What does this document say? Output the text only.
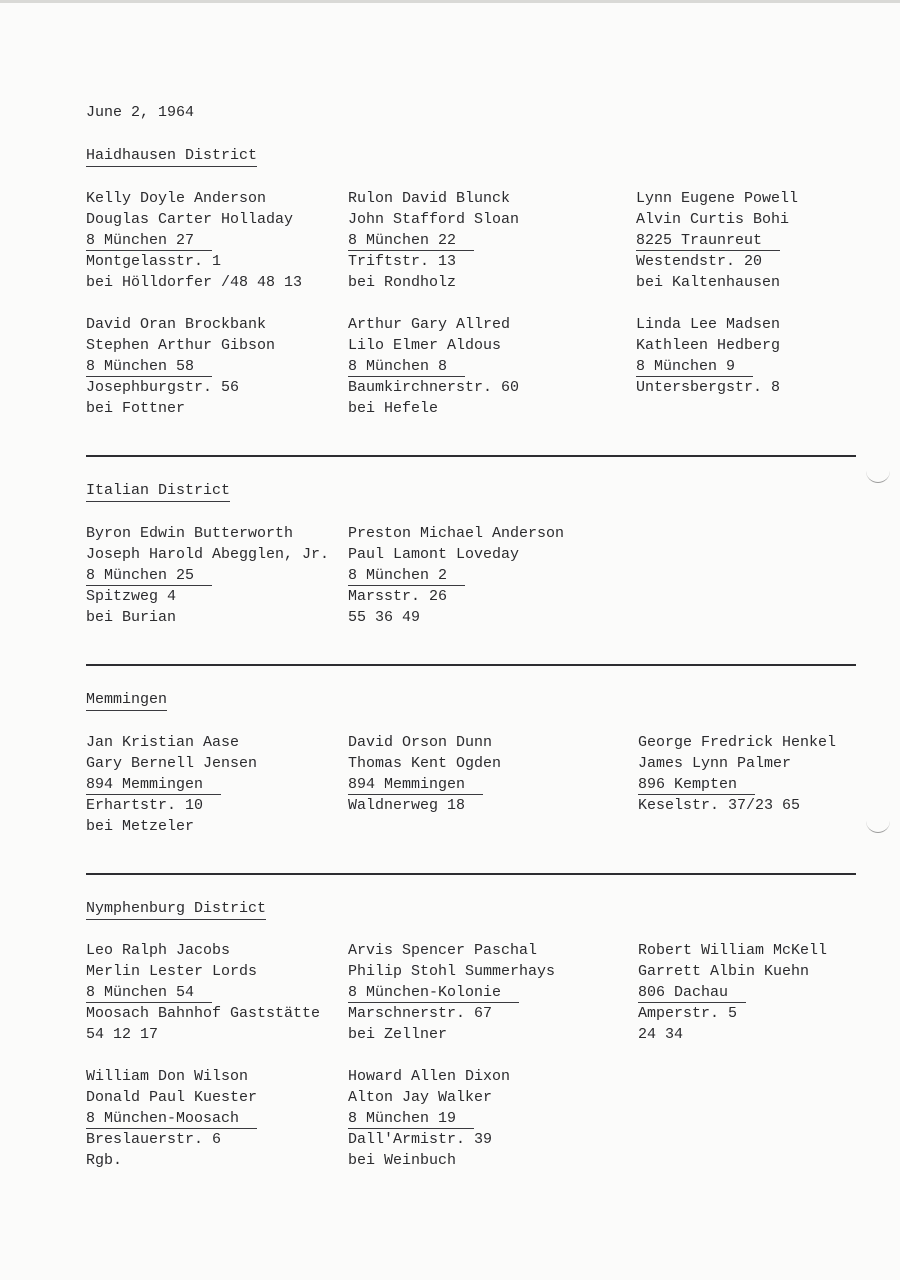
June 2, 1964
Haidhausen District
Kelly Doyle Anderson
Douglas Carter Holladay
8 München 27
Montgelasstr. 1
bei Hölldorfer /48 48 13
Rulon David Blunck
John Stafford Sloan
8 München 22
Triftstr. 13
bei Rondholz
Lynn Eugene Powell
Alvin Curtis Bohi
8225 Traunreut
Westendstr. 20
bei Kaltenhausen
David Oran Brockbank
Stephen Arthur Gibson
8 München 58
Josephburgstr. 56
bei Fottner
Arthur Gary Allred
Lilo Elmer Aldous
8 München 8
Baumkirchnerstr. 60
bei Hefele
Linda Lee Madsen
Kathleen Hedberg
8 München 9
Untersbergstr. 8
Italian District
Byron Edwin Butterworth
Joseph Harold Abegglen, Jr.
8 München 25
Spitzweg 4
bei Burian
Preston Michael Anderson
Paul Lamont Loveday
8 München 2
Marsstr. 26
55 36 49
Memmingen
Jan Kristian Aase
Gary Bernell Jensen
894 Memmingen
Erhartstr. 10
bei Metzeler
David Orson Dunn
Thomas Kent Ogden
894 Memmingen
Waldnerweg 18
George Fredrick Henkel
James Lynn Palmer
896 Kempten
Keselstr. 37/23 65
Nymphenburg District
Leo Ralph Jacobs
Merlin Lester Lords
8 München 54
Moosach Bahnhof Gaststätte
54 12 17
Arvis Spencer Paschal
Philip Stohl Summerhays
8 München-Kolonie
Marschnerstr. 67
bei Zellner
Robert William McKell
Garrett Albin Kuehn
806 Dachau
Amperstr. 5
24 34
William Don Wilson
Donald Paul Kuester
8 München-Moosach
Breslauerstr. 6
Rgb.
Howard Allen Dixon
Alton Jay Walker
8 München 19
Dall'Armistr. 39
bei Weinbuch
